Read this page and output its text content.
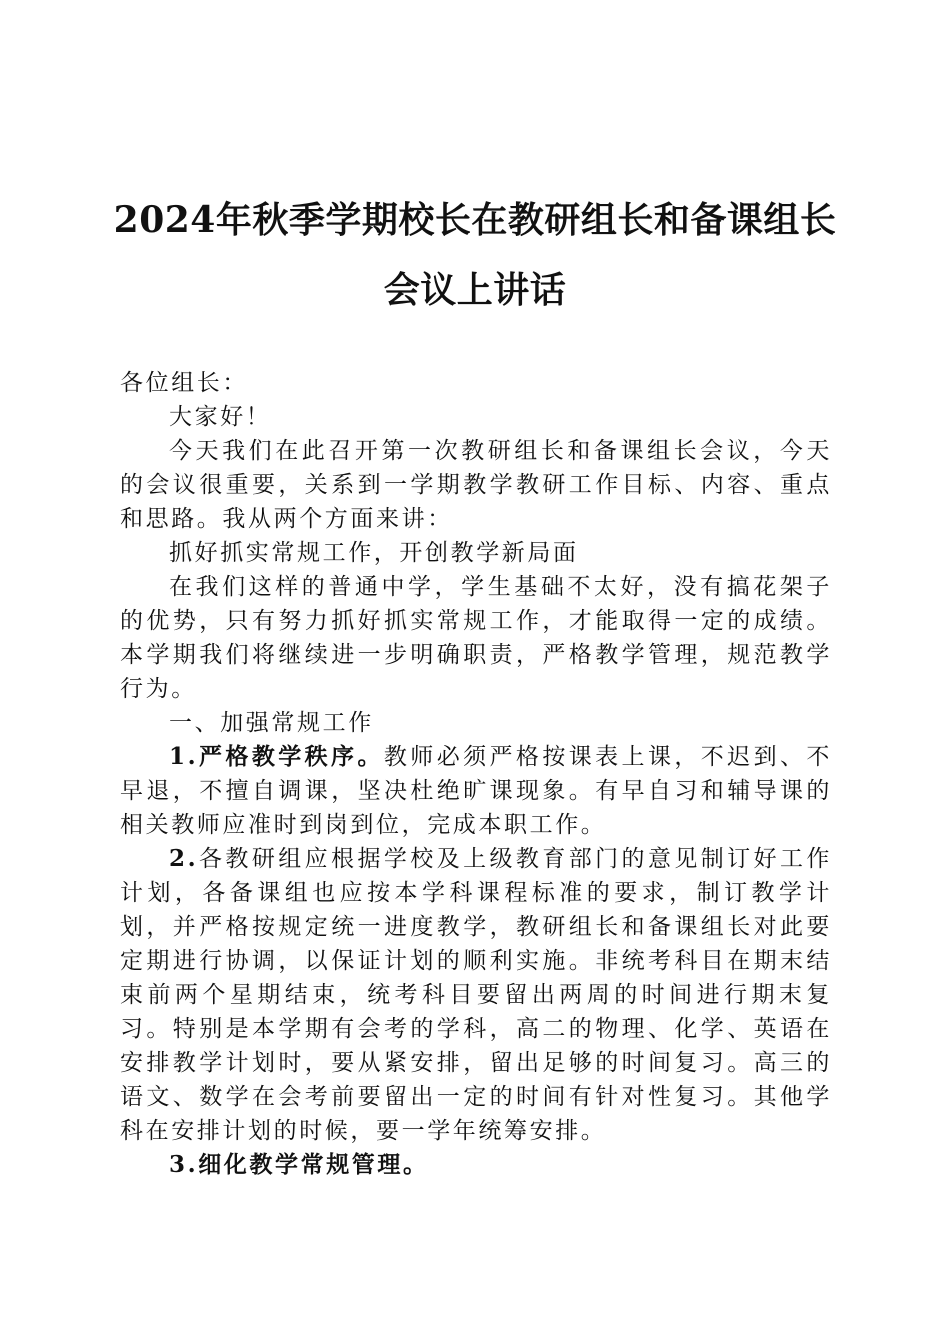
2024年秋季学期校长在教研组长和备课组长
会议上讲话

各位组长：

大家好！

今天我们在此召开第一次教研组长和备课组长会议，今天的会议很重要，关系到一学期教学教研工作目标、内容、重点和思路。我从两个方面来讲：

抓好抓实常规工作，开创教学新局面

在我们这样的普通中学，学生基础不太好，没有搞花架子的优势，只有努力抓好抓实常规工作，才能取得一定的成绩。本学期我们将继续进一步明确职责，严格教学管理，规范教学行为。

一、加强常规工作

1.严格教学秩序。教师必须严格按课表上课，不迟到、不早退，不擅自调课，坚决杜绝旷课现象。有早自习和辅导课的相关教师应准时到岗到位，完成本职工作。

2.各教研组应根据学校及上级教育部门的意见制订好工作计划，各备课组也应按本学科课程标准的要求，制订教学计划，并严格按规定统一进度教学，教研组长和备课组长对此要定期进行协调，以保证计划的顺利实施。非统考科目在期末结束前两个星期结束，统考科目要留出两周的时间进行期末复习。特别是本学期有会考的学科，高二的物理、化学、英语在安排教学计划时，要从紧安排，留出足够的时间复习。高三的语文、数学在会考前要留出一定的时间有针对性复习。其他学科在安排计划的时候，要一学年统筹安排。

3.细化教学常规管理。
